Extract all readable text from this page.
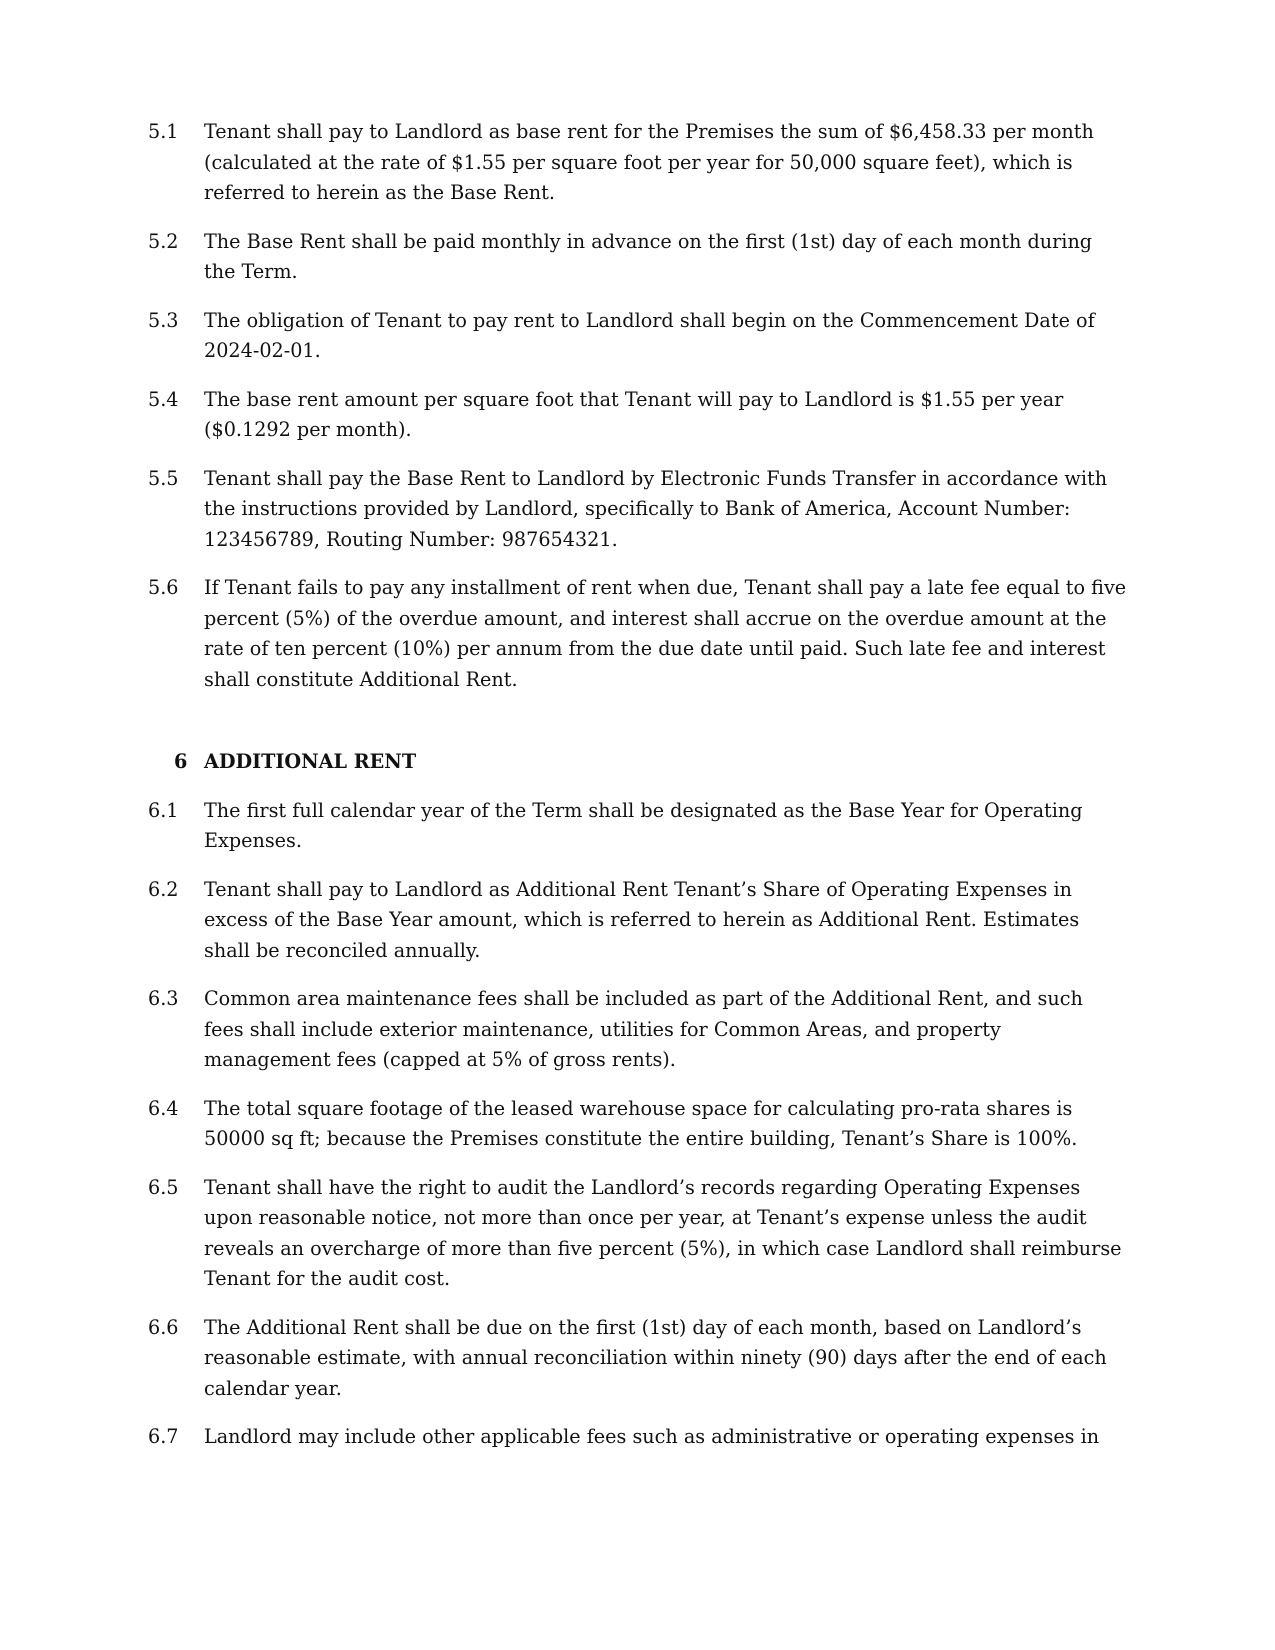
5.1	Tenant shall pay to Landlord as base rent for the Premises the sum of $6,458.33 per month (calculated at the rate of $1.55 per square foot per year for 50,000 square feet), which is referred to herein as the Base Rent.
5.2	The Base Rent shall be paid monthly in advance on the first (1st) day of each month during the Term.
5.3	The obligation of Tenant to pay rent to Landlord shall begin on the Commencement Date of 2024-02-01.
5.4	The base rent amount per square foot that Tenant will pay to Landlord is $1.55 per year ($0.1292 per month).
5.5	Tenant shall pay the Base Rent to Landlord by Electronic Funds Transfer in accordance with the instructions provided by Landlord, specifically to Bank of America, Account Number: 123456789, Routing Number: 987654321.
5.6	If Tenant fails to pay any installment of rent when due, Tenant shall pay a late fee equal to five percent (5%) of the overdue amount, and interest shall accrue on the overdue amount at the rate of ten percent (10%) per annum from the due date until paid. Such late fee and interest shall constitute Additional Rent.
6 ADDITIONAL RENT
6.1	The first full calendar year of the Term shall be designated as the Base Year for Operating Expenses.
6.2	Tenant shall pay to Landlord as Additional Rent Tenant’s Share of Operating Expenses in excess of the Base Year amount, which is referred to herein as Additional Rent. Estimates shall be reconciled annually.
6.3	Common area maintenance fees shall be included as part of the Additional Rent, and such fees shall include exterior maintenance, utilities for Common Areas, and property management fees (capped at 5% of gross rents).
6.4	The total square footage of the leased warehouse space for calculating pro-rata shares is 50000 sq ft; because the Premises constitute the entire building, Tenant’s Share is 100%.
6.5	Tenant shall have the right to audit the Landlord’s records regarding Operating Expenses upon reasonable notice, not more than once per year, at Tenant’s expense unless the audit reveals an overcharge of more than five percent (5%), in which case Landlord shall reimburse Tenant for the audit cost.
6.6	The Additional Rent shall be due on the first (1st) day of each month, based on Landlord’s reasonable estimate, with annual reconciliation within ninety (90) days after the end of each calendar year.
6.7	Landlord may include other applicable fees such as administrative or operating expenses in
